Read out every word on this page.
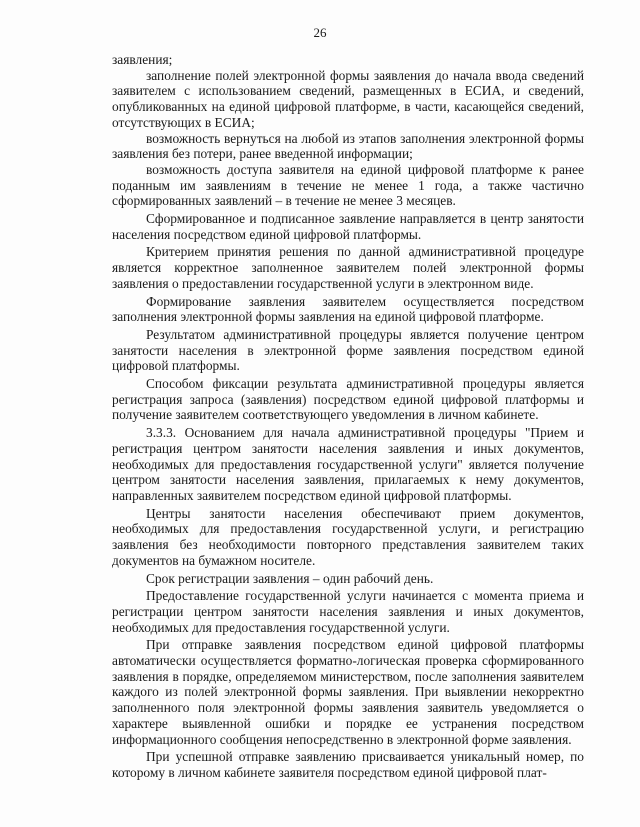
26

заявления;

заполнение полей электронной формы заявления до начала ввода сведений заявителем с использованием сведений, размещенных в ЕСИА, и сведений, опубликованных на единой цифровой платформе, в части, касающейся сведений, отсутствующих в ЕСИА;

возможность вернуться на любой из этапов заполнения электронной формы заявления без потери, ранее введенной информации;

возможность доступа заявителя на единой цифровой платформе к ранее поданным им заявлениям в течение не менее 1 года, а также частично сформированных заявлений – в течение не менее 3 месяцев.

Сформированное и подписанное заявление направляется в центр занятости населения посредством единой цифровой платформы.

Критерием принятия решения по данной административной процедуре является корректное заполненное заявителем полей электронной формы заявления о предоставлении государственной услуги в электронном виде.

Формирование заявления заявителем осуществляется посредством заполнения электронной формы заявления на единой цифровой платформе.

Результатом административной процедуры является получение центром занятости населения в электронной форме заявления посредством единой цифровой платформы.

Способом фиксации результата административной процедуры является регистрация запроса (заявления) посредством единой цифровой платформы и получение заявителем соответствующего уведомления в личном кабинете.

3.3.3. Основанием для начала административной процедуры "Прием и регистрация центром занятости населения заявления и иных документов, необходимых для предоставления государственной услуги" является получение центром занятости населения заявления, прилагаемых к нему документов, направленных заявителем посредством единой цифровой платформы.

Центры занятости населения обеспечивают прием документов, необходимых для предоставления государственной услуги, и регистрацию заявления без необходимости повторного представления заявителем таких документов на бумажном носителе.

Срок регистрации заявления – один рабочий день.

Предоставление государственной услуги начинается с момента приема и регистрации центром занятости населения заявления и иных документов, необходимых для предоставления государственной услуги.

При отправке заявления посредством единой цифровой платформы автоматически осуществляется форматно-логическая проверка сформированного заявления в порядке, определяемом министерством, после заполнения заявителем каждого из полей электронной формы заявления. При выявлении некорректно заполненного поля электронной формы заявления заявитель уведомляется о характере выявленной ошибки и порядке ее устранения посредством информационного сообщения непосредственно в электронной форме заявления.

При успешной отправке заявлению присваивается уникальный номер, по которому в личном кабинете заявителя посредством единой цифровой плат-
